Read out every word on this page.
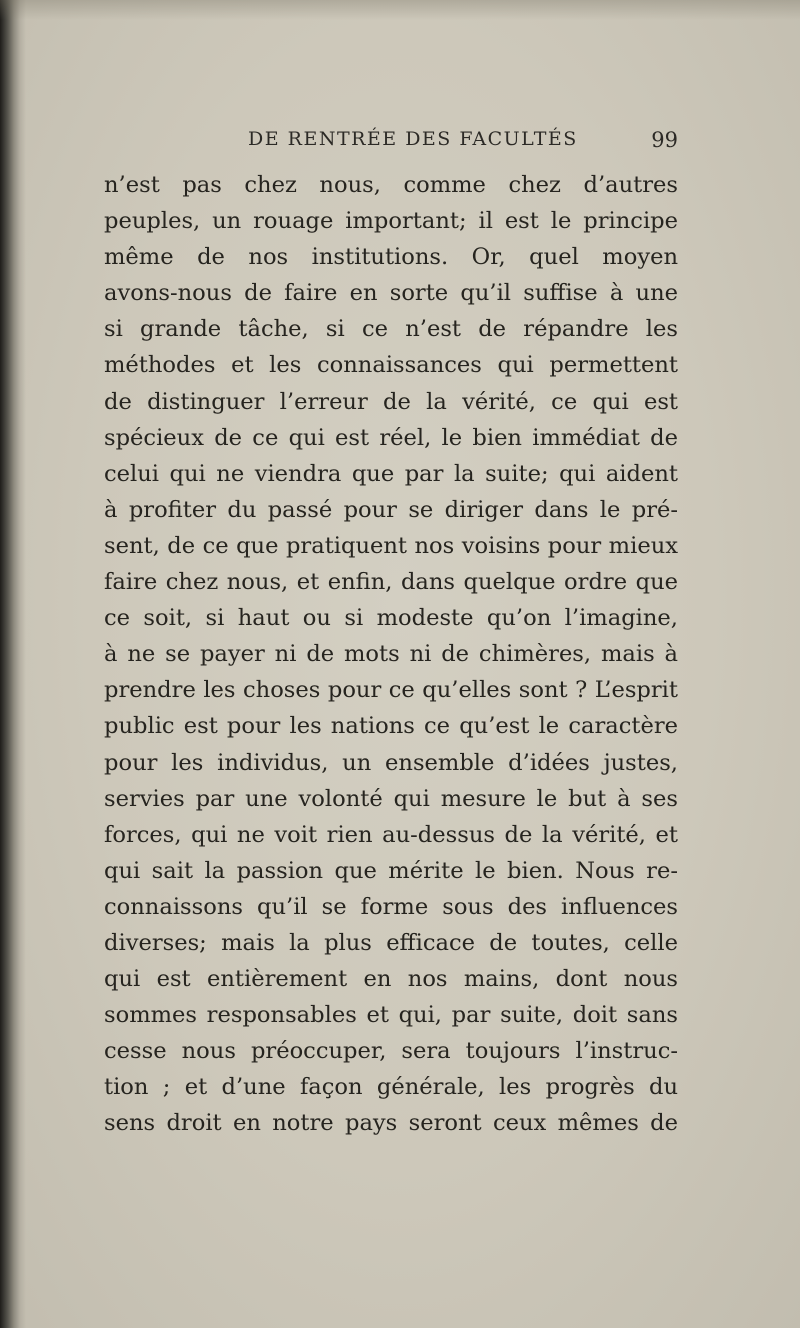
DE RENTRÉE DES FACULTÉS	99
n’est pas chez nous, comme chez d’autres
peuples, un rouage important; il est le principe
même de nos institutions. Or, quel moyen
avons-nous de faire en sorte qu’il suffise à une
si grande tâche, si ce n’est de répandre les
méthodes et les connaissances qui permettent
de distinguer l’erreur de la vérité, ce qui est
spécieux de ce qui est réel, le bien immédiat de
celui qui ne viendra que par la suite; qui aident
à profiter du passé pour se diriger dans le pré-
sent, de ce que pratiquent nos voisins pour mieux
faire chez nous, et enfin, dans quelque ordre que
ce soit, si haut ou si modeste qu’on l’imagine,
à ne se payer ni de mots ni de chimères, mais à
prendre les choses pour ce qu’elles sont ? L’esprit
public est pour les nations ce qu’est le caractère
pour les individus, un ensemble d’idées justes,
servies par une volonté qui mesure le but à ses
forces, qui ne voit rien au-dessus de la vérité, et
qui sait la passion que mérite le bien. Nous re-
connaissons qu’il se forme sous des influences
diverses; mais la plus efficace de toutes, celle
qui est entièrement en nos mains, dont nous
sommes responsables et qui, par suite, doit sans
cesse nous préoccuper, sera toujours l’instruc-
tion ; et d’une façon générale, les progrès du
sens droit en notre pays seront ceux mêmes de
